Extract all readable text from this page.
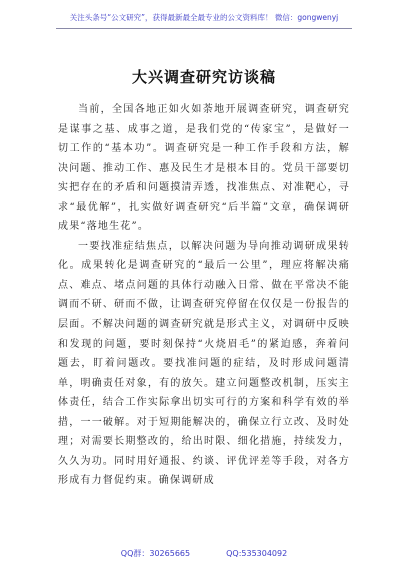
关注头条号“公文研究”，获得最新最全最专业的公文资料库！ 微信：gongwenyj
大兴调查研究访谈稿

当前，全国各地正如火如荼地开展调查研究，调查研究是谋事之基、成事之道，是我们党的“传家宝”，是做好一切工作的“基本功”。调查研究是一种工作手段和方法，解决问题、推动工作、惠及民生才是根本目的。党员干部要切实把存在的矛盾和问题摸清弄透，找准焦点、对准靶心，寻求“最优解”，扎实做好调查研究“后半篇”文章，确保调研成果“落地生花”。

一要找准症结焦点，以解决问题为导向推动调研成果转化。成果转化是调查研究的“最后一公里”，理应将解决痛点、难点、堵点问题的具体行动融入日常、做在平常决不能调而不研、研而不做，让调查研究停留在仅仅是一份报告的层面。不解决问题的调查研究就是形式主义，对调研中反映和发现的问题，要时刻保持“火烧眉毛”的紧迫感，奔着问题去，盯着问题改。要找准问题的症结，及时形成问题清单，明确责任对象，有的放矢。建立问题整改机制，压实主体责任，结合工作实际拿出切实可行的方案和科学有效的举措，一一破解。对于短期能解决的，确保立行立改、及时处理；对需要长期整改的，给出时限、细化措施，持续发力，久久为功。同时用好通报、约谈、评优评差等手段，对各方形成有力督促约束。确保调研成

QQ群：30265665	QQ:535304092
